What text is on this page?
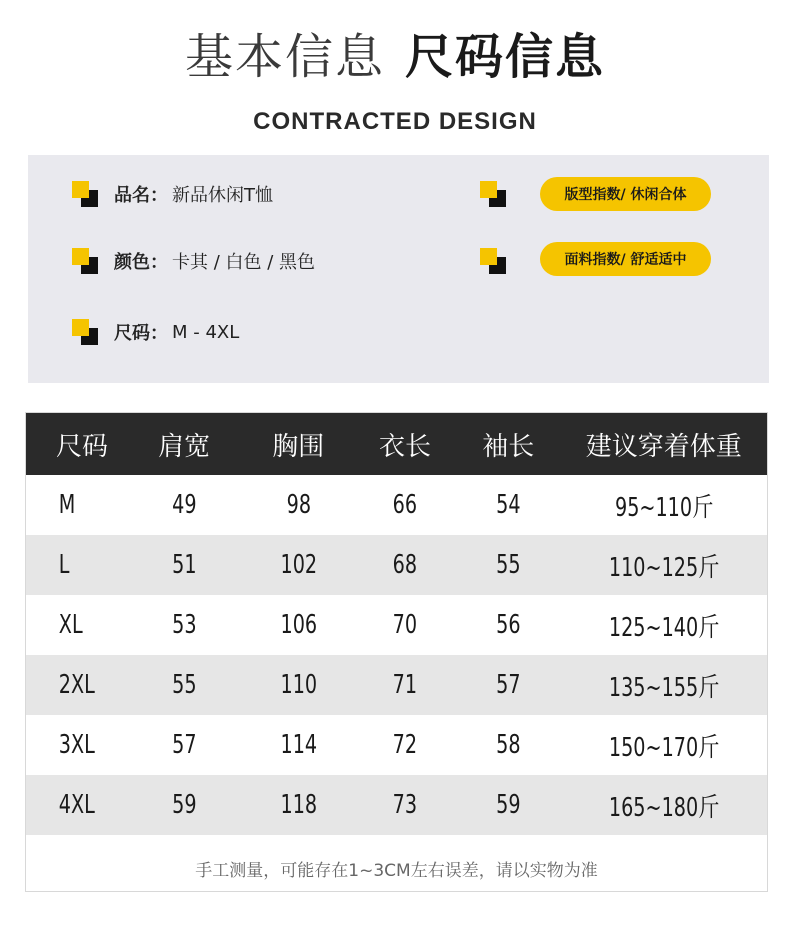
基本信息 尺码信息
CONTRACTED DESIGN
品名： 新品休闲T恤
颜色： 卡其 / 白色 / 黑色
尺码： M - 4XL
版型指数/ 休闲合体
面料指数/ 舒适适中
尺码	肩宽	胸围	衣长	袖长	建议穿着体重
M	49	98	66	54	95~110斤
L	51	102	68	55	110~125斤
XL	53	106	70	56	125~140斤
2XL	55	110	71	57	135~155斤
3XL	57	114	72	58	150~170斤
4XL	59	118	73	59	165~180斤
手工测量，可能存在1~3CM左右误差，请以实物为准
